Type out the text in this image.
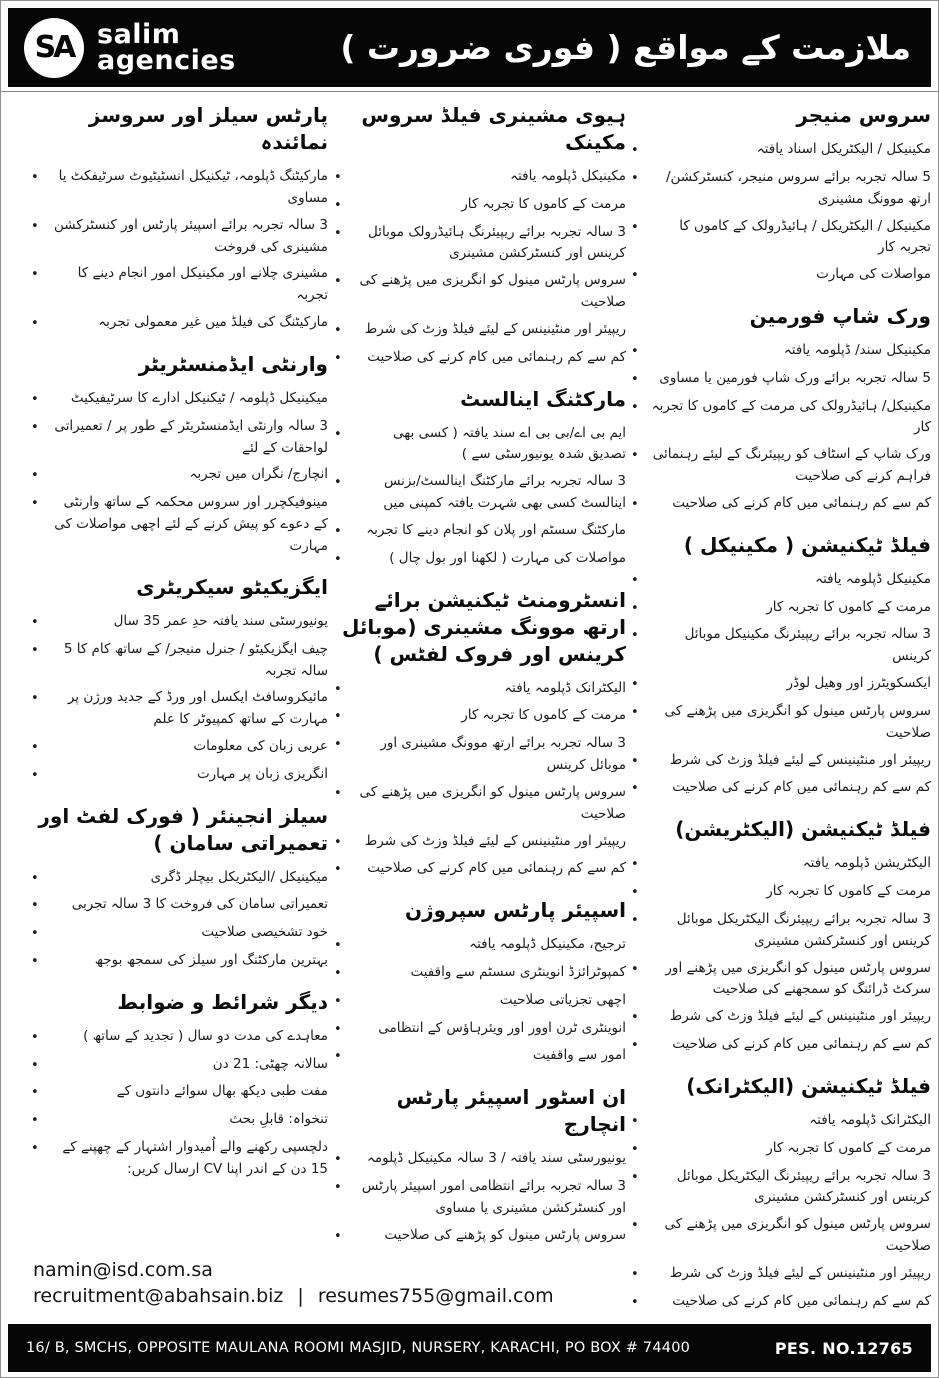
SA salim
agencies	ملازمت کے مواقع ( فوری ضرورت )
سروس منیجر
مکینیکل / الیکٹریکل اسناد یافتہ
•
5 سالہ تجربہ برائے سروس منیجر، کنسٹرکشن/ ارتھ موونگ مشینری
•
مکینیکل / الیکٹریکل / ہائیڈرولک کے کاموں کا تجربہ کار
•
مواصلات کی مہارت
•
ورک شاپ فورمین
مکینیکل سند/ ڈپلومہ یافتہ
•
5 سالہ تجربہ برائے ورک شاپ فورمین یا مساوی
•
مکینیکل/ ہائیڈرولک کی مرمت کے کاموں کا تجربہ کار
•
ورک شاپ کے اسٹاف کو ریپیئرنگ کے لیئے رہنمائی فراہم کرنے کی صلاحیت
•
کم سے کم رہنمائی میں کام کرنے کی صلاحیت
•
فیلڈ ٹیکنیشن ( مکینیکل )
مکینیکل ڈپلومہ یافتہ
•
مرمت کے کاموں کا تجربہ کار
•
3 سالہ تجربہ برائے ریپیئرنگ مکینیکل موبائل کرینس
•
ایکسکویٹرز اور وھیل لوڈر
•
سروس پارٹس مینول کو انگریزی میں پڑھنے کی صلاحیت
•
ریپیئر اور منٹینینس کے لیئے فیلڈ وزٹ کی شرط
•
کم سے کم رہنمائی میں کام کرنے کی صلاحیت
•
فیلڈ ٹیکنیشن (الیکٹریشن)
الیکٹریشن ڈپلومہ یافتہ
•
مرمت کے کاموں کا تجربہ کار
•
3 سالہ تجربہ برائے ریپیئرنگ الیکٹریکل موبائل کرینس اور کنسٹرکشن مشینری
•
سروس پارٹس مینول کو انگریزی میں پڑھنے اور سرکٹ ڈرائنگ کو سمجھنے کی صلاحیت
•
ریپیئر اور منٹینینس کے لیئے فیلڈ وزٹ کی شرط
•
کم سے کم رہنمائی میں کام کرنے کی صلاحیت
•
فیلڈ ٹیکنیشن (الیکٹرانک)
الیکٹرانک ڈپلومہ یافتہ
•
مرمت کے کاموں کا تجربہ کار
•
3 سالہ تجربہ برائے ریپیئرنگ الیکٹریکل موبائل کرینس اور کنسٹرکشن مشینری
•
سروس پارٹس مینول کو انگریزی میں پڑھنے کی صلاحیت
•
ریپیئر اور منٹینینس کے لیئے فیلڈ وزٹ کی شرط
•
کم سے کم رہنمائی میں کام کرنے کی صلاحیت
•
ہیوی مشینری فیلڈ سروس مکینک
مکینیکل ڈپلومہ یافتہ
•
مرمت کے کاموں کا تجربہ کار
•
3 سالہ تجربہ برائے ریپیئرنگ ہائیڈرولک موبائل کرینس اور کنسٹرکشن مشینری
•
سروس پارٹس مینول کو انگریزی میں پڑھنے کی صلاحیت
•
ریپیئر اور منٹینینس کے لیئے فیلڈ وزٹ کی شرط
•
کم سے کم رہنمائی میں کام کرنے کی صلاحیت
•
مارکٹنگ اینالسٹ
ایم بی اے/بی بی اے سند یافتہ ( کسی بھی تصدیق شدہ یونیورسٹی سے )
•
3 سالہ تجربہ برائے مارکٹنگ اینالسٹ/بزنس اینالسٹ کسی بھی شہرت یافتہ کمپنی میں
•
مارکٹنگ سسٹم اور پلان کو انجام دینے کا تجربہ
•
مواصلات کی مہارت ( لکھنا اور بول چال )
•
انسٹرومنٹ ٹیکنیشن برائے ارتھ موونگ مشینری (موبائل کرینس اور فروک لفٹس )
الیکٹرانک ڈپلومہ یافتہ
•
مرمت کے کاموں کا تجربہ کار
•
3 سالہ تجربہ برائے ارتھ موونگ مشینری اور موبائل کرینس
•
سروس پارٹس مینول کو انگریزی میں پڑھنے کی صلاحیت
•
ریپیئر اور منٹینینس کے لیئے فیلڈ وزٹ کی شرط
•
کم سے کم رہنمائی میں کام کرنے کی صلاحیت
•
اسپیئر پارٹس سپروژن
ترجیح، مکینیکل ڈپلومہ یافتہ
•
کمپوٹرائزڈ انوینٹری سسٹم سے واقفیت
•
اچھی تجزیاتی صلاحیت
•
انوینٹری ٹرن اوور اور ویئرہاؤس کے انتظامی
•
امور سے واقفیت
•
ان اسٹور اسپیئر پارٹس انچارج
یونیورسٹی سند یافتہ / 3 سالہ مکینیکل ڈپلومہ
•
3 سالہ تجربہ برائے انتظامی امور اسپیئر پارٹس اور کنسٹرکشن مشینری یا مساوی
•
سروس پارٹس مینول کو پڑھنے کی صلاحیت
•
پارٹس سیلز اور سروسز نمائندہ
مارکیٹنگ ڈپلومہ، ٹیکنیکل انسٹیٹیوٹ سرٹیفکٹ یا مساوی
•
3 سالہ تجربہ برائے اسپیئر پارٹس اور کنسٹرکشن مشینری کی فروخت
•
مشینری چلانے اور مکینیکل امور انجام دینے کا تجربہ
•
مارکیٹنگ کی فیلڈ میں غیر معمولی تجربہ
•
وارنٹی ایڈمنسٹریٹر
میکینیکل ڈپلومہ / ٹیکنیکل ادارے کا سرٹیفیکیٹ
•
3 سالہ وارنٹی ایڈمنسٹریٹر کے طور پر / تعمیراتی لواحقات کے لئے
•
انچارج/ نگراں میں تجربہ
•
مینوفیکچرر اور سروس محکمہ کے ساتھ وارنٹی کے دعوے کو پیش کرنے کے لئے اچھی مواصلات کی مہارت
•
ایگزیکیٹو سیکریٹری
یونیورسٹی سند یافتہ حدِ عمر 35 سال
•
چیف ایگزیکیٹو / جنرل منیجر/ کے ساتھ کام کا 5 سالہ تجربہ
•
مائیکروسافٹ ایکسل اور ورڈ کے جدید ورژن پر مہارت کے ساتھ کمپیوٹر کا علم
•
عربی زبان کی معلومات
•
انگریزی زبان پر مہارت
•
سیلز انجینئر ( فورک لفٹ اور تعمیراتی سامان )
میکینیکل /الیکٹریکل بیچلر ڈگری
•
تعمیراتی سامان کی فروخت کا 3 سالہ تجربی
•
خود تشخیصی صلاحیت
•
بہترین مارکٹنگ اور سیلز کی سمجھ بوجھ
•
دیگر شرائط و ضوابط
معاہدے کی مدت دو سال ( تجدید کے ساتھ )
•
سالانہ چھٹی: 21 دن
•
مفت طبی دیکھ بھال سوائے دانتوں کے
•
تنخواہ: قابلِ بحث
•
دلچسپی رکھنے والے اُمیدوار اشتہار کے چھپنے کے 15 دن کے اندر اپنا CV ارسال کریں:
•
namin@isd.com.sa
recruitment@abahsain.biz | resumes755@gmail.com
16/ B, SMCHS, OPPOSITE MAULANA ROOMI MASJID, NURSERY, KARACHI, PO BOX # 74400	PES. NO.12765
